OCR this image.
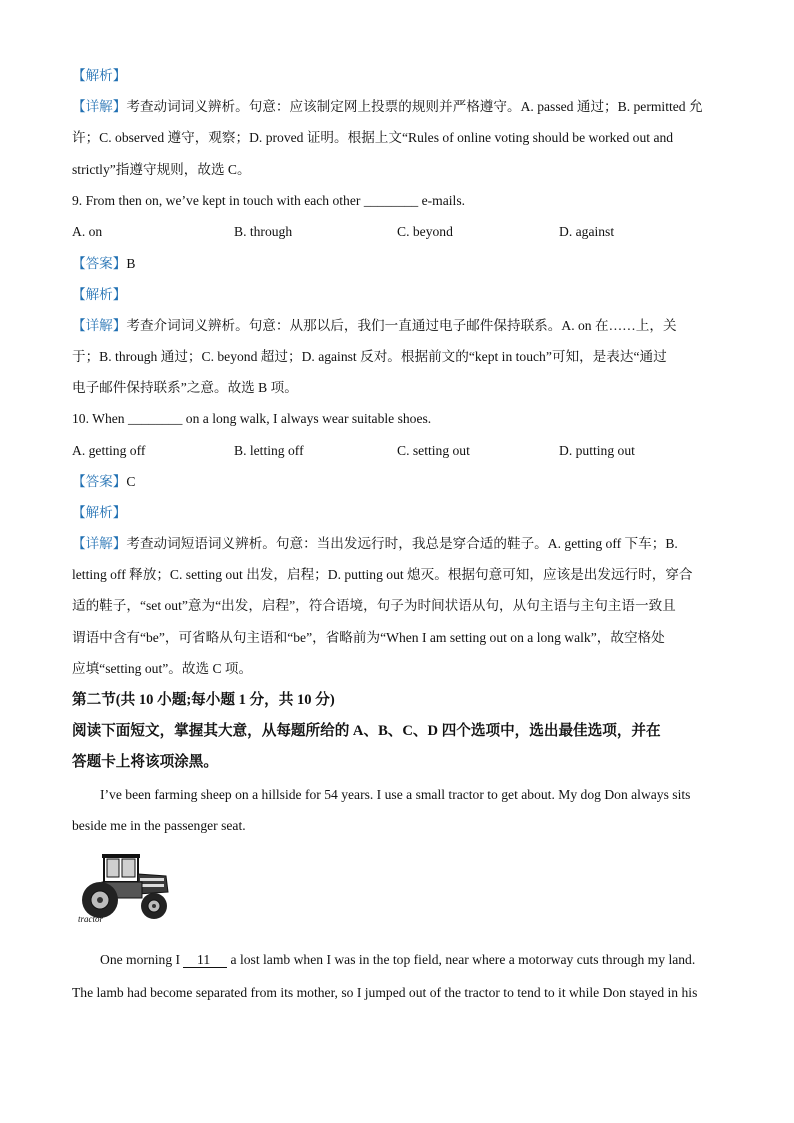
【解析】
【详解】考查动词词义辨析。句意：应该制定网上投票的规则并严格遵守。A. passed 通过；B. permitted 允
许；C. observed 遵守，观察；D. proved 证明。根据上文“Rules of online voting should be worked out and
strictly”指遵守规则，故选 C。
9. From then on, we’ve kept in touch with each other ________ e-mails.
A. on	B. through	C. beyond	D. against
【答案】B
【解析】
【详解】考查介词词义辨析。句意：从那以后，我们一直通过电子邮件保持联系。A. on 在……上，关
于；B. through 通过；C. beyond 超过；D. against 反对。根据前文的“kept in touch”可知，是表达“通过
电子邮件保持联系”之意。故选 B 项。
10. When ________ on a long walk, I always wear suitable shoes.
A. getting off	B. letting off	C. setting out	D. putting out
【答案】C
【解析】
【详解】考查动词短语词义辨析。句意：当出发远行时，我总是穿合适的鞋子。A. getting off 下车；B.
letting off 释放；C. setting out 出发，启程；D. putting out 熄灭。根据句意可知，应该是出发远行时，穿合
适的鞋子，“set out”意为“出发，启程”，符合语境，句子为时间状语从句，从句主语与主句主语一致且
谓语中含有“be”，可省略从句主语和“be”，省略前为“When I am setting out on a long walk”，故空格处
应填“setting out”。故选 C 项。
第二节(共 10 小题;每小题 1 分，共 10 分)
阅读下面短文，掌握其大意，从每题所给的 A、B、C、D 四个选项中，选出最佳选项，并在
答题卡上将该项涂黑。
I’ve been farming sheep on a hillside for 54 years. I use a small tractor to get about. My dog Don always sits
beside me in the passenger seat.
tractor
One morning I 11 a lost lamb when I was in the top field, near where a motorway cuts through my land.
The lamb had become separated from its mother, so I jumped out of the tractor to tend to it while Don stayed in his
